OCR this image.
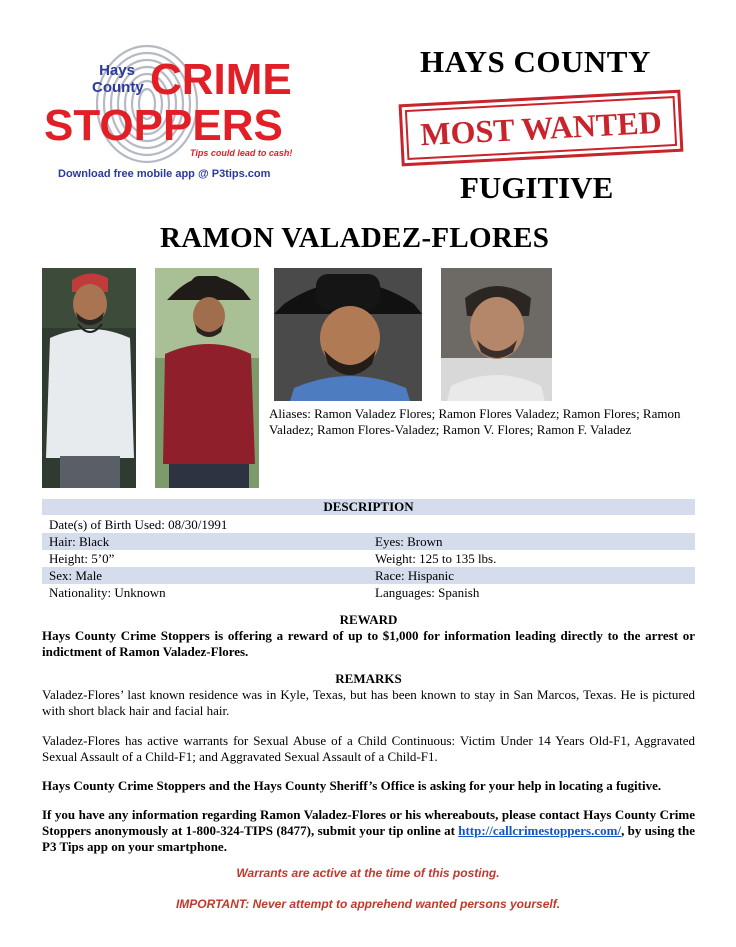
Hays County CRIME
STOPPERS
Tips could lead to cash!
Download free mobile app @ P3tips.com
HAYS COUNTY
MOST WANTED
FUGITIVE
RAMON VALADEZ-FLORES
Aliases: Ramon Valadez Flores; Ramon Flores Valadez; Ramon Flores; Ramon Valadez; Ramon Flores-Valadez; Ramon V. Flores; Ramon F. Valadez
DESCRIPTION
Date(s) of Birth Used: 08/30/1991
Hair: Black	Eyes: Brown
Height: 5’0”	Weight: 125 to 135 lbs.
Sex: Male	Race: Hispanic
Nationality: Unknown	Languages: Spanish
REWARD
Hays County Crime Stoppers is offering a reward of up to $1,000 for information leading directly to the arrest or indictment of Ramon Valadez-Flores.
REMARKS
Valadez-Flores’ last known residence was in Kyle, Texas, but has been known to stay in San Marcos, Texas. He is pictured with short black hair and facial hair.
Valadez-Flores has active warrants for Sexual Abuse of a Child Continuous: Victim Under 14 Years Old-F1, Aggravated Sexual Assault of a Child-F1; and Aggravated Sexual Assault of a Child-F1.
Hays County Crime Stoppers and the Hays County Sheriff’s Office is asking for your help in locating a fugitive.
If you have any information regarding Ramon Valadez-Flores or his whereabouts, please contact Hays County Crime Stoppers anonymously at 1-800-324-TIPS (8477), submit your tip online at http://callcrimestoppers.com/, by using the P3 Tips app on your smartphone.
Warrants are active at the time of this posting.
IMPORTANT: Never attempt to apprehend wanted persons yourself.
